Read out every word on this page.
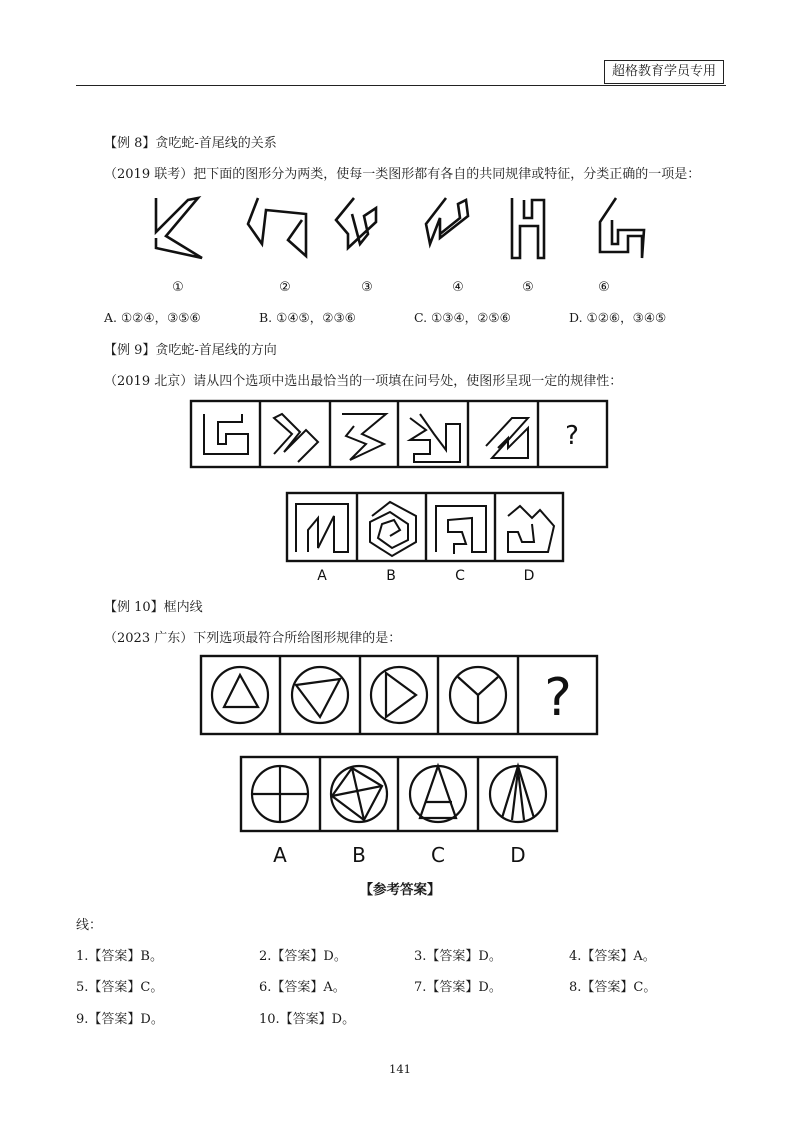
超格教育学员专用
【例 8】贪吃蛇-首尾线的关系
（2019 联考）把下面的图形分为两类，使每一类图形都有各自的共同规律或特征，分类正确的一项是：
①	②	③	④	⑤	⑥
A. ①②④，③⑤⑥	B. ①④⑤，②③⑥	C. ①③④，②⑤⑥	D. ①②⑥，③④⑤
【例 9】贪吃蛇-首尾线的方向
（2019 北京）请从四个选项中选出最恰当的一项填在问号处，使图形呈现一定的规律性：
?
A	B	C	D
【例 10】框内线
（2023 广东）下列选项最符合所给图形规律的是：
?
A	B	C	D
【参考答案】
线：
1.【答案】B。	2.【答案】D。	3.【答案】D。	4.【答案】A。
5.【答案】C。	6.【答案】A。	7.【答案】D。	8.【答案】C。
9.【答案】D。	10.【答案】D。
141
